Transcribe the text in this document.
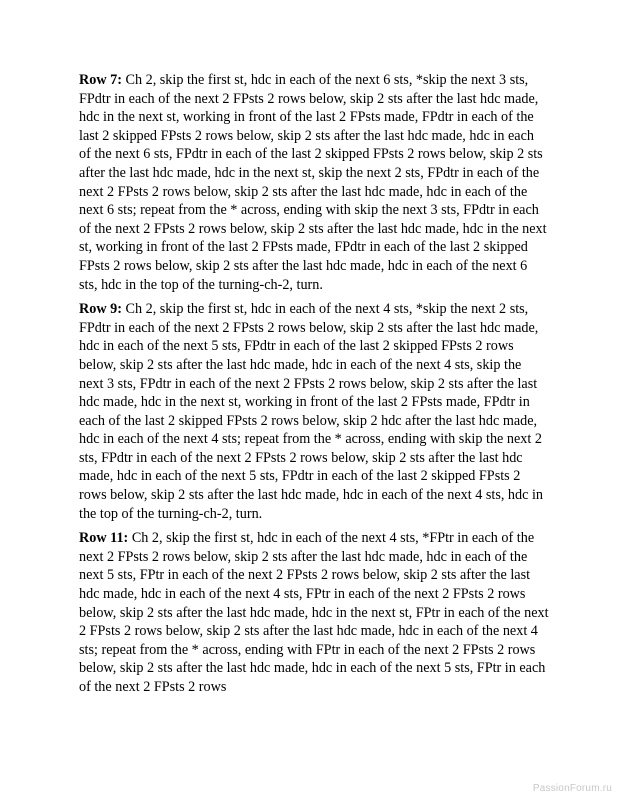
Row 7: Ch 2, skip the first st, hdc in each of the next 6 sts, *skip the next 3 sts, FPdtr in each of the next 2 FPsts 2 rows below, skip 2 sts after the last hdc made, hdc in the next st, working in front of the last 2 FPsts made, FPdtr in each of the last 2 skipped FPsts 2 rows below, skip 2 sts after the last hdc made, hdc in each of the next 6 sts, FPdtr in each of the last 2 skipped FPsts 2 rows below, skip 2 sts after the last hdc made, hdc in the next st, skip the next 2 sts, FPdtr in each of the next 2 FPsts 2 rows below, skip 2 sts after the last hdc made, hdc in each of the next 6 sts; repeat from the * across, ending with skip the next 3 sts, FPdtr in each of the next 2 FPsts 2 rows below, skip 2 sts after the last hdc made, hdc in the next st, working in front of the last 2 FPsts made, FPdtr in each of the last 2 skipped FPsts 2 rows below, skip 2 sts after the last hdc made, hdc in each of the next 6 sts, hdc in the top of the turning-ch-2, turn.

Row 9: Ch 2, skip the first st, hdc in each of the next 4 sts, *skip the next 2 sts, FPdtr in each of the next 2 FPsts 2 rows below, skip 2 sts after the last hdc made, hdc in each of the next 5 sts, FPdtr in each of the last 2 skipped FPsts 2 rows below, skip 2 sts after the last hdc made, hdc in each of the next 4 sts, skip the next 3 sts, FPdtr in each of the next 2 FPsts 2 rows below, skip 2 sts after the last hdc made, hdc in the next st, working in front of the last 2 FPsts made, FPdtr in each of the last 2 skipped FPsts 2 rows below, skip 2 hdc after the last hdc made, hdc in each of the next 4 sts; repeat from the * across, ending with skip the next 2 sts, FPdtr in each of the next 2 FPsts 2 rows below, skip 2 sts after the last hdc made, hdc in each of the next 5 sts, FPdtr in each of the last 2 skipped FPsts 2 rows below, skip 2 sts after the last hdc made, hdc in each of the next 4 sts, hdc in the top of the turning-ch-2, turn.

Row 11: Ch 2, skip the first st, hdc in each of the next 4 sts, *FPtr in each of the next 2 FPsts 2 rows below, skip 2 sts after the last hdc made, hdc in each of the next 5 sts, FPtr in each of the next 2 FPsts 2 rows below, skip 2 sts after the last hdc made, hdc in each of the next 4 sts, FPtr in each of the next 2 FPsts 2 rows below, skip 2 sts after the last hdc made, hdc in the next st, FPtr in each of the next 2 FPsts 2 rows below, skip 2 sts after the last hdc made, hdc in each of the next 4 sts; repeat from the * across, ending with FPtr in each of the next 2 FPsts 2 rows below, skip 2 sts after the last hdc made, hdc in each of the next 5 sts, FPtr in each of the next 2 FPsts 2 rows

PassionForum.ru
